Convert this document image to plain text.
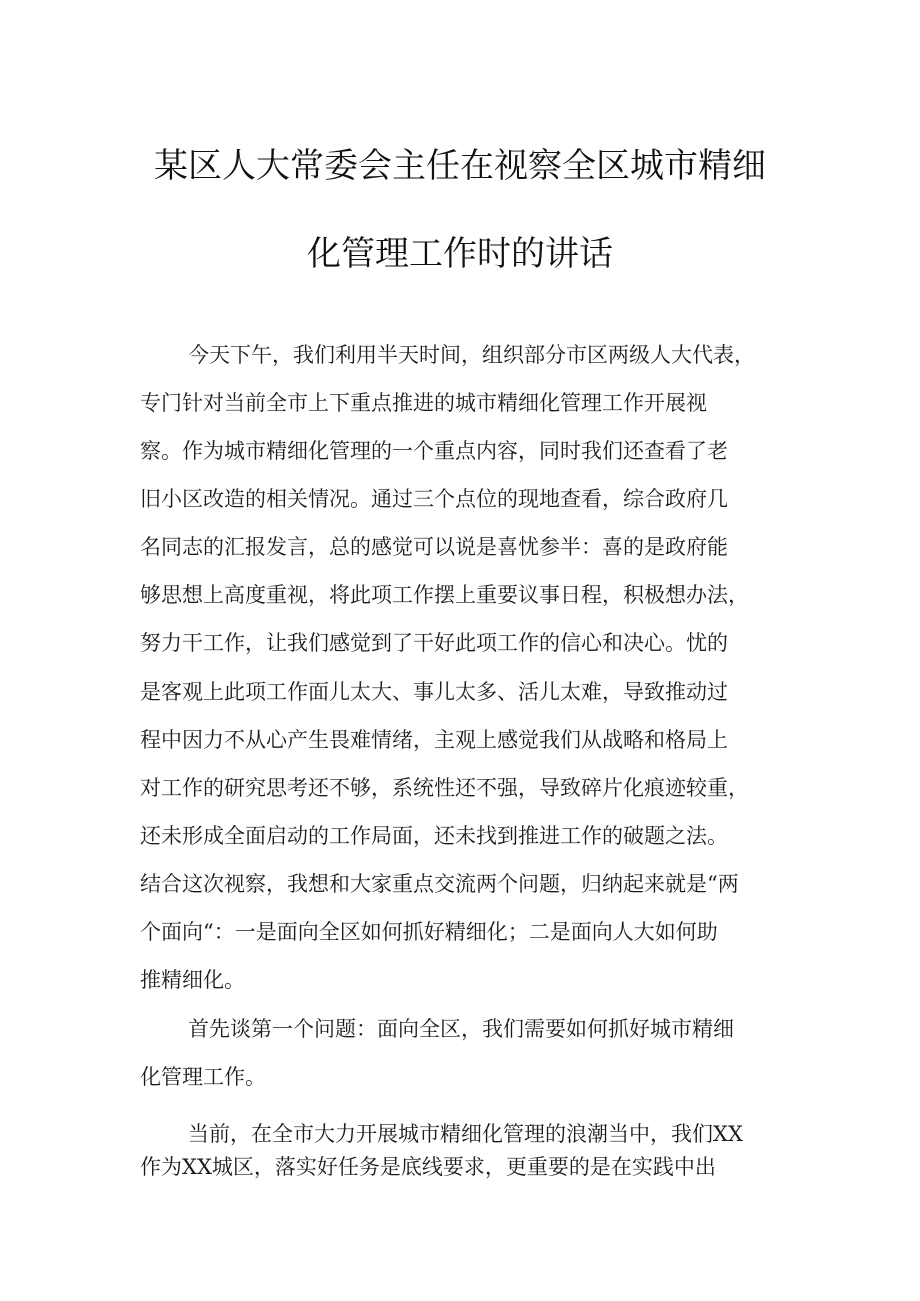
某区人大常委会主任在视察全区城市精细
化管理工作时的讲话
今天下午，我们利用半天时间，组织部分市区两级人大代表，
专门针对当前全市上下重点推进的城市精细化管理工作开展视
察。作为城市精细化管理的一个重点内容，同时我们还查看了老
旧小区改造的相关情况。通过三个点位的现地查看，综合政府几
名同志的汇报发言，总的感觉可以说是喜忧参半：喜的是政府能
够思想上高度重视，将此项工作摆上重要议事日程，积极想办法，
努力干工作，让我们感觉到了干好此项工作的信心和决心。忧的
是客观上此项工作面儿太大、事儿太多、活儿太难，导致推动过
程中因力不从心产生畏难情绪，主观上感觉我们从战略和格局上
对工作的研究思考还不够，系统性还不强，导致碎片化痕迹较重，
还未形成全面启动的工作局面，还未找到推进工作的破题之法。
结合这次视察，我想和大家重点交流两个问题，归纳起来就是“两
个面向“：一是面向全区如何抓好精细化；二是面向人大如何助
推精细化。
首先谈第一个问题：面向全区，我们需要如何抓好城市精细
化管理工作。
当前，在全市大力开展城市精细化管理的浪潮当中，我们XX
作为XX城区，落实好任务是底线要求，更重要的是在实践中出
